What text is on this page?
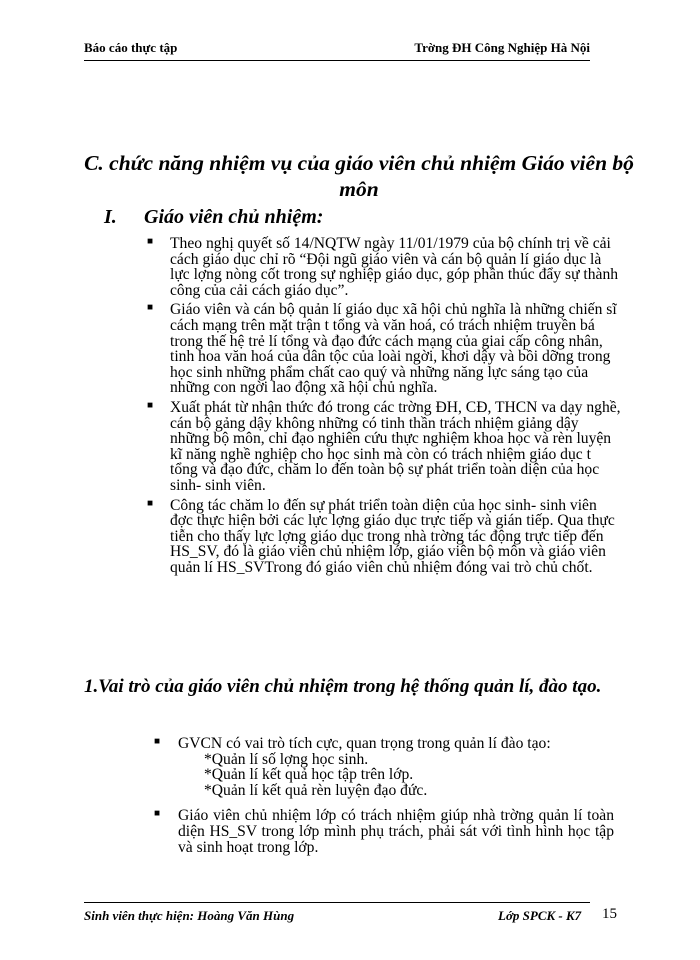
Báo cáo thực tập	Trờng ĐH Công Nghiệp Hà Nội
C. chức năng nhiệm vụ của giáo viên chủ nhiệm Giáo viên bộ môn
I. Giáo viên chủ nhiệm:
■ Theo nghị quyết số 14/NQTW ngày 11/01/1979 của bộ chính trị về cải cách giáo dục chỉ rõ “Đội ngũ giáo viên và cán bộ quản lí giáo dục là lực lợng nòng cốt trong sự nghiệp giáo dục, góp phần thúc đẩy sự thành công của cải cách giáo dục”.
■ Giáo viên và cán bộ quản lí giáo dục xã hội chủ nghĩa là những chiến sĩ cách mạng trên mặt trận t tổng và văn hoá, có trách nhiệm truyền bá trong thế hệ trẻ lí tổng và đạo đức cách mạng của giai cấp công nhân, tinh hoa văn hoá của dân tộc của loài ngời, khơi dậy và bồi dỡng trong học sinh những phẩm chất cao quý và những năng lực sáng tạo của những con ngời lao động xã hội chủ nghĩa.
■ Xuất phát từ nhận thức đó trong các trờng ĐH, CĐ, THCN va dạy nghề, cán bộ gảng dậy không những có tinh thần trách nhiệm giảng dậy những bộ môn, chỉ đạo nghiên cứu thực nghiệm khoa học và rèn luyện kĩ năng nghề nghiệp cho học sinh mà còn có trách nhiệm giáo dục t tổng và đạo đức, chăm lo đến toàn bộ sự phát triển toàn diện của học sinh- sinh viên.
■ Công tác chăm lo đến sự phát triển toàn diện của học sinh- sinh viên đợc thực hiện bởi các lực lợng giáo dục trực tiếp và gián tiếp. Qua thực tiễn cho thấy lực lợng giáo dục trong nhà trờng tác động trực tiếp đến HS_SV, đó là giáo viên chủ nhiệm lớp, giáo viên bộ môn và giáo viên quản lí HS_SVTrong đó giáo viên chủ nhiệm đóng vai trò chủ chốt.
1.Vai trò của giáo viên chủ nhiệm trong hệ thống quản lí, đào tạo.
■ GVCN có vai trò tích cực, quan trọng trong quản lí đào tạo:
*Quản lí số lợng học sinh.
*Quản lí kết quả học tập trên lớp.
*Quản lí kết quả rèn luyện đạo đức.
■ Giáo viên chủ nhiệm lớp có trách nhiệm giúp nhà trờng quản lí toàn diện HS_SV trong lớp mình phụ trách, phải sát với tình hình học tập và sinh hoạt trong lớp.
Sinh viên thực hiện: Hoàng Văn Hùng	Lớp SPCK - K7 15
